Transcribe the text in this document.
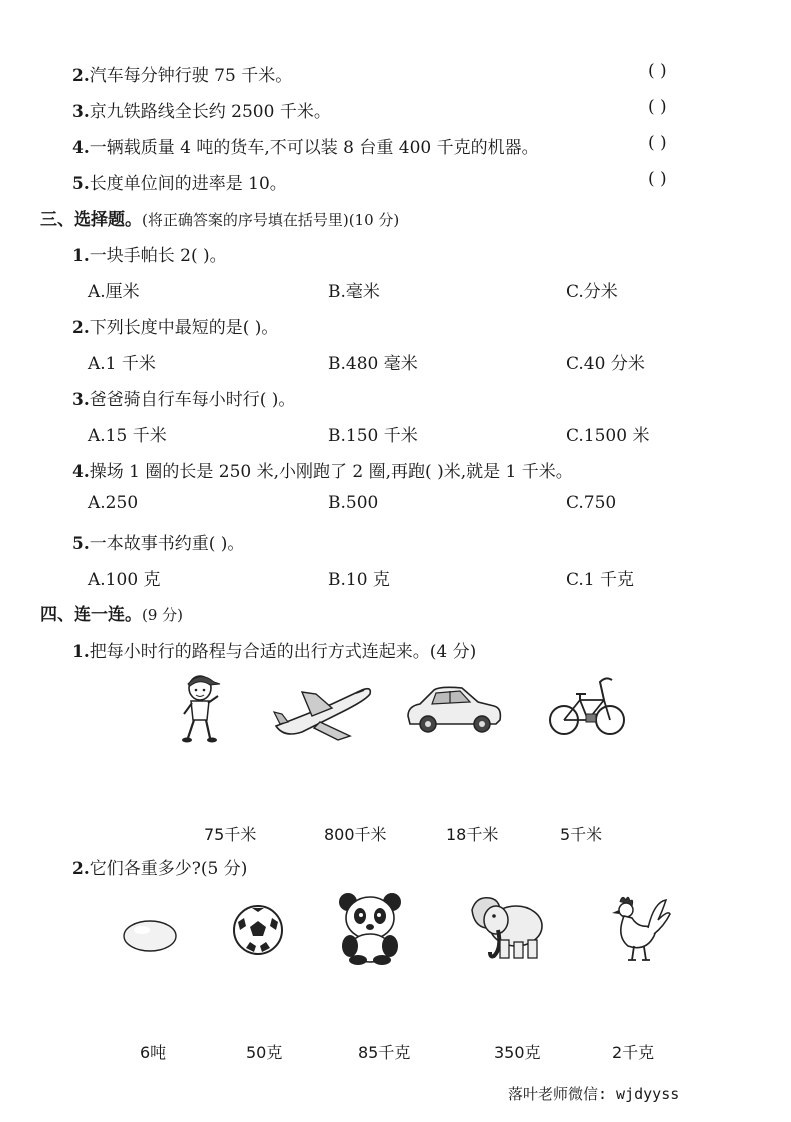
2.汽车每分钟行驶 75 千米。	( )
3.京九铁路线全长约 2500 千米。	( )
4.一辆载质量 4 吨的货车,不可以装 8 台重 400 千克的机器。	( )
5.长度单位间的进率是 10。	( )
三、选择题。(将正确答案的序号填在括号里)(10 分)
1.一块手帕长 2( )。
A.厘米	B.毫米	C.分米
2.下列长度中最短的是( )。
A.1 千米	B.480 毫米	C.40 分米
3.爸爸骑自行车每小时行( )。
A.15 千米	B.150 千米	C.1500 米
4.操场 1 圈的长是 250 米,小刚跑了 2 圈,再跑( )米,就是 1 千米。
A.250	B.500	C.750
5.一本故事书约重( )。
A.100 克	B.10 克	C.1 千克
四、连一连。(9 分)
1.把每小时行的路程与合适的出行方式连起来。(4 分)
75千米	800千米	18千米	5千米
2.它们各重多少?(5 分)
6吨	50克	85千克	350克	2千克
落叶老师微信: wjdyyss
